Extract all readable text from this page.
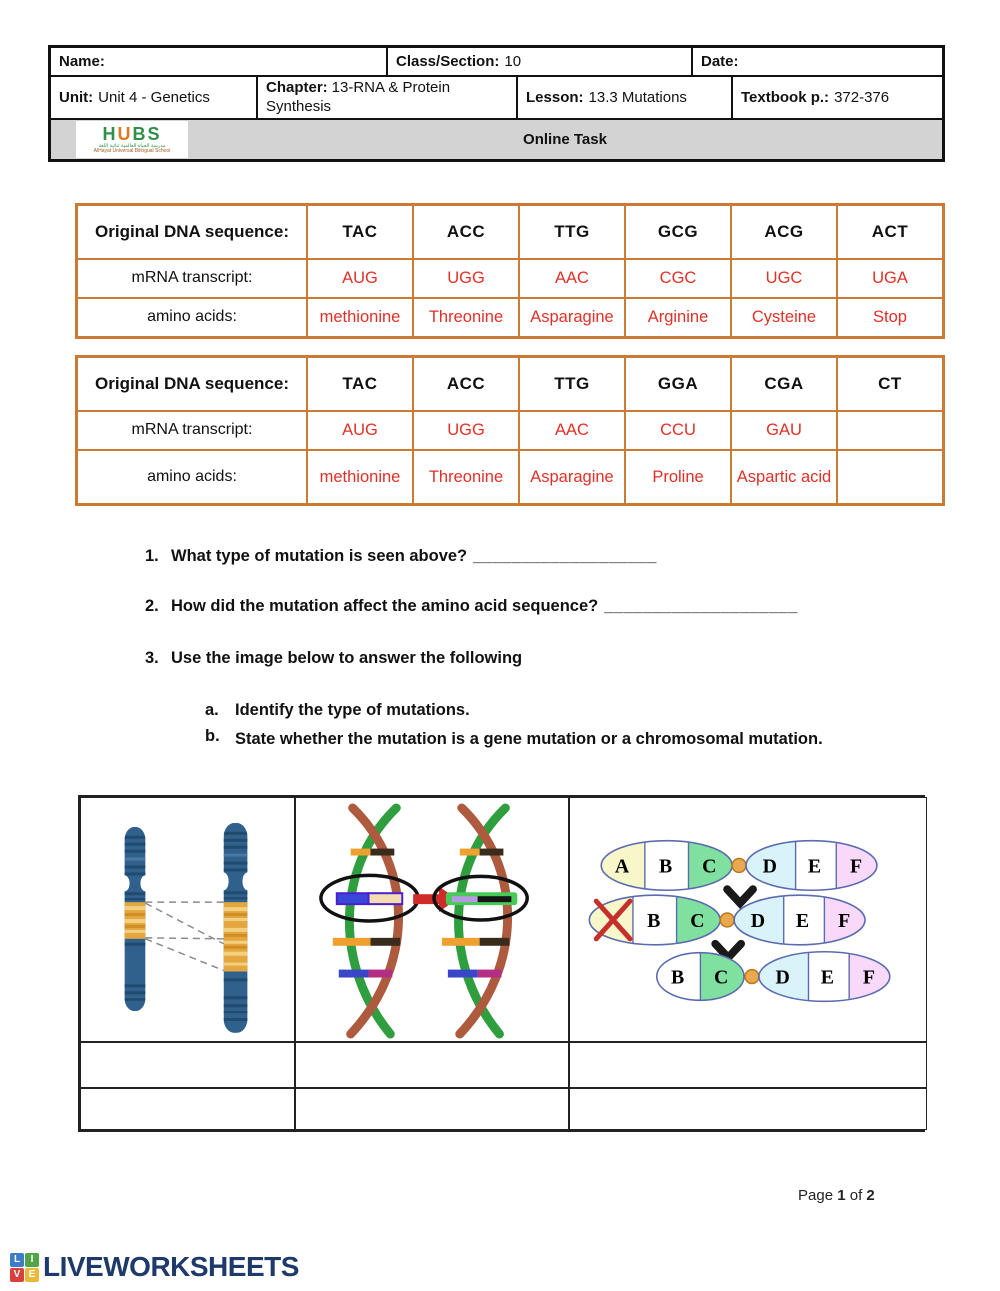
Name:	Class/Section: 10	Date:
Unit: Unit 4 - Genetics
Chapter: 13-RNA & Protein Synthesis	Lesson: 13.3 Mutations	Textbook p.: 372-376
HUBS
مدرسة الحياة العالمية ثنائية اللغة
AlHayat Universal Bilingual School
Online Task
Original DNA sequence:	TAC	ACC	TTG	GCG	ACG	ACT
mRNA transcript:	AUG	UGG	AAC	CGC	UGC	UGA
amino acids:	methionine	Threonine	Asparagine	Arginine	Cysteine	Stop
Original DNA sequence:	TAC	ACC	TTG	GGA	CGA	CT
mRNA transcript:	AUG	UGG	AAC	CCU	GAU
amino acids:	methionine	Threonine	Asparagine	Proline	Aspartic acid
1. What type of mutation is seen above? ___________________
2. How did the mutation affect the amino acid sequence? ____________________
3. Use the image below to answer the following
a. Identify the type of mutations.
b. State whether the mutation is a gene mutation or a chromosomal mutation.
A B C D E F
B C D E F
B C D E F
Page 1 of 2
L	I
V E LIVEWORKSHEETS
